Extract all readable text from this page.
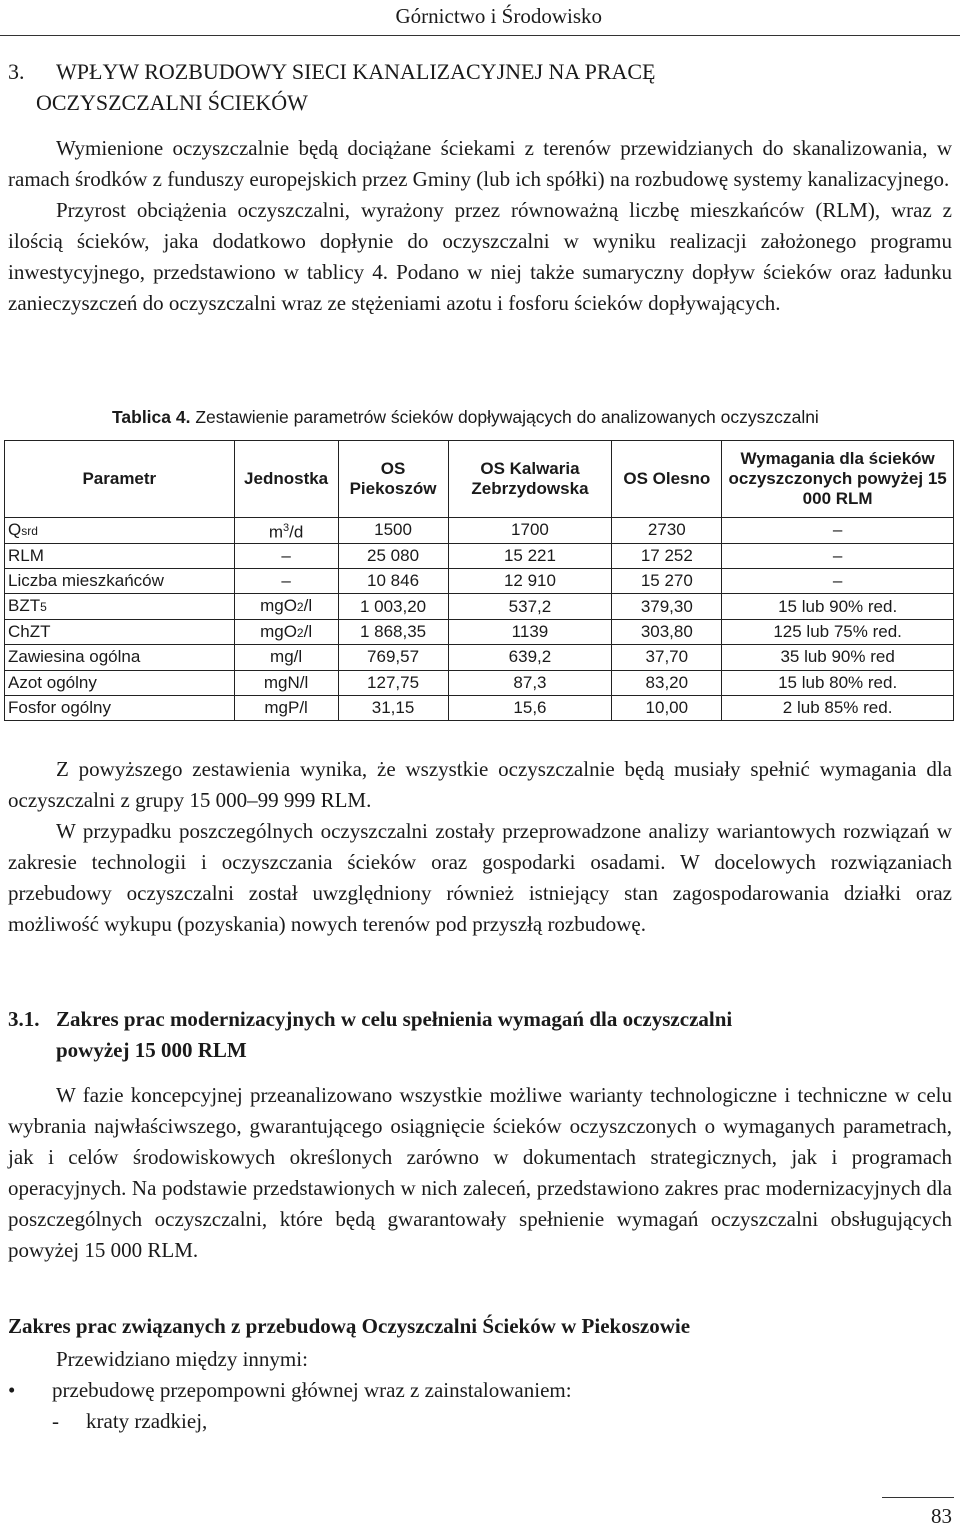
Górnictwo i Środowisko
3. WPŁYW ROZBUDOWY SIECI KANALIZACYJNEJ NA PRACĘ
OCZYSZCZALNI ŚCIEKÓW

Wymienione oczyszczalnie będą dociążane ściekami z terenów przewidzianych do skanalizowania, w ramach środków z funduszy europejskich przez Gminy (lub ich spółki) na rozbudowę systemy kanalizacyjnego.

Przyrost obciążenia oczyszczalni, wyrażony przez równoważną liczbę mieszkańców (RLM), wraz z ilością ścieków, jaka dodatkowo dopłynie do oczyszczalni w wyniku realizacji założonego programu inwestycyjnego, przedstawiono w tablicy 4. Podano w niej także sumaryczny dopływ ścieków oraz ładunku zanieczyszczeń do oczyszczalni wraz ze stężeniami azotu i fosforu ścieków dopływających.

Tablica 4. Zestawienie parametrów ścieków dopływających do analizowanych oczyszczalni
Parametr	Jednostka	OS Piekoszów	OS Kalwaria Zebrzydowska	OS Olesno	Wymagania dla ścieków oczyszczonych powyżej 15 000 RLM
Qsrd	$m^3/d$	1500	1700	2730	–
RLM	–	25 080	15 221	17 252	–
Liczba mieszkańców	–	10 846	12 910	15 270	–
BZT5	mgO2/l	1 003,20	537,2	379,30	15 lub 90% red.
ChZT	mgO2/l	1 868,35	1139	303,80	125 lub 75% red.
Zawiesina ogólna	mg/l	769,57	639,2	37,70	35 lub 90% red
Azot ogólny	mgN/l	127,75	87,3	83,20	15 lub 80% red.
Fosfor ogólny	mgP/l	31,15	15,6	10,00	2 lub 85% red.

Z powyższego zestawienia wynika, że wszystkie oczyszczalnie będą musiały spełnić wymagania dla oczyszczalni z grupy 15 000–99 999 RLM.

W przypadku poszczególnych oczyszczalni zostały przeprowadzone analizy wariantowych rozwiązań w zakresie technologii i oczyszczania ścieków oraz gospodarki osadami. W docelowych rozwiązaniach przebudowy oczyszczalni został uwzględniony również istniejący stan zagospodarowania działki oraz możliwość wykupu (pozyskania) nowych terenów pod przyszłą rozbudowę.

3.1. Zakres prac modernizacyjnych w celu spełnienia wymagań dla oczyszczalni
powyżej 15 000 RLM

W fazie koncepcyjnej przeanalizowano wszystkie możliwe warianty technologiczne i techniczne w celu wybrania najwłaściwszego, gwarantującego osiągnięcie ścieków oczyszczonych o wymaganych parametrach, jak i celów środowiskowych określonych zarówno w dokumentach strategicznych, jak i programach operacyjnych. Na podstawie przedstawionych w nich zaleceń, przedstawiono zakres prac modernizacyjnych dla poszczególnych oczyszczalni, które będą gwarantowały spełnienie wymagań oczyszczalni obsługujących powyżej 15 000 RLM.

Zakres prac związanych z przebudową Oczyszczalni Ścieków w Piekoszowie
Przewidziano między innymi:
• przebudowę przepompowni głównej wraz z zainstalowaniem:
- kraty rzadkiej,
83
